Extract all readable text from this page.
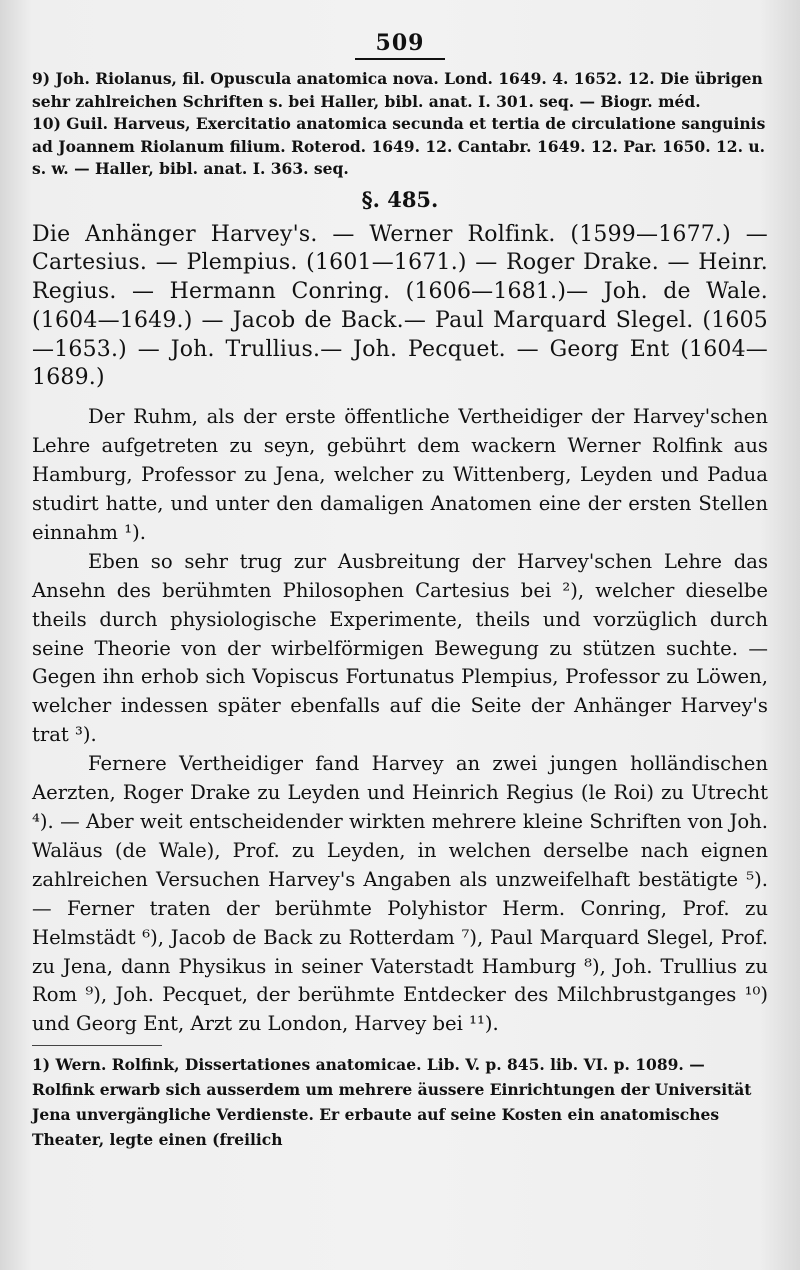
509

9) Joh. Riolanus, fil. Opuscula anatomica nova. Lond. 1649. 4. 1652. 12. Die übrigen sehr zahlreichen Schriften s. bei Haller, bibl. anat. I. 301. seq. — Biogr. méd.

10) Guil. Harveus, Exercitatio anatomica secunda et tertia de circulatione sanguinis ad Joannem Riolanum filium. Roterod. 1649. 12. Cantabr. 1649. 12. Par. 1650. 12. u. s. w. — Haller, bibl. anat. I. 363. seq.

§. 485.

Die Anhänger Harvey's. — Werner Rolfink. (1599—1677.) — Cartesius. — Plempius. (1601—1671.) — Roger Drake. — Heinr. Regius. — Hermann Conring. (1606—1681.)— Joh. de Wale. (1604—1649.) — Jacob de Back.— Paul Marquard Slegel. (1605—1653.) — Joh. Trullius.— Joh. Pecquet. — Georg Ent (1604—1689.)

Der Ruhm, als der erste öffentliche Vertheidiger der Harvey'schen Lehre aufgetreten zu seyn, gebührt dem wackern Werner Rolfink aus Hamburg, Professor zu Jena, welcher zu Wittenberg, Leyden und Padua studirt hatte, und unter den damaligen Anatomen eine der ersten Stellen einnahm ¹).

Eben so sehr trug zur Ausbreitung der Harvey'schen Lehre das Ansehn des berühmten Philosophen Cartesius bei ²), welcher dieselbe theils durch physiologische Experimente, theils und vorzüglich durch seine Theorie von der wirbelförmigen Bewegung zu stützen suchte. — Gegen ihn erhob sich Vopiscus Fortunatus Plempius, Professor zu Löwen, welcher indessen später ebenfalls auf die Seite der Anhänger Harvey's trat ³).

Fernere Vertheidiger fand Harvey an zwei jungen holländischen Aerzten, Roger Drake zu Leyden und Heinrich Regius (le Roi) zu Utrecht ⁴). — Aber weit entscheidender wirkten mehrere kleine Schriften von Joh. Waläus (de Wale), Prof. zu Leyden, in welchen derselbe nach eignen zahlreichen Versuchen Harvey's Angaben als unzweifelhaft bestätigte ⁵). — Ferner traten der berühmte Polyhistor Herm. Conring, Prof. zu Helmstädt ⁶), Jacob de Back zu Rotterdam ⁷), Paul Marquard Slegel, Prof. zu Jena, dann Physikus in seiner Vaterstadt Hamburg ⁸), Joh. Trullius zu Rom ⁹), Joh. Pecquet, der berühmte Entdecker des Milchbrustganges ¹⁰) und Georg Ent, Arzt zu London, Harvey bei ¹¹).

1) Wern. Rolfink, Dissertationes anatomicae. Lib. V. p. 845. lib. VI. p. 1089. — Rolfink erwarb sich ausserdem um mehrere äussere Einrichtungen der Universität Jena unvergängliche Verdienste. Er erbaute auf seine Kosten ein anatomisches Theater, legte einen (freilich
